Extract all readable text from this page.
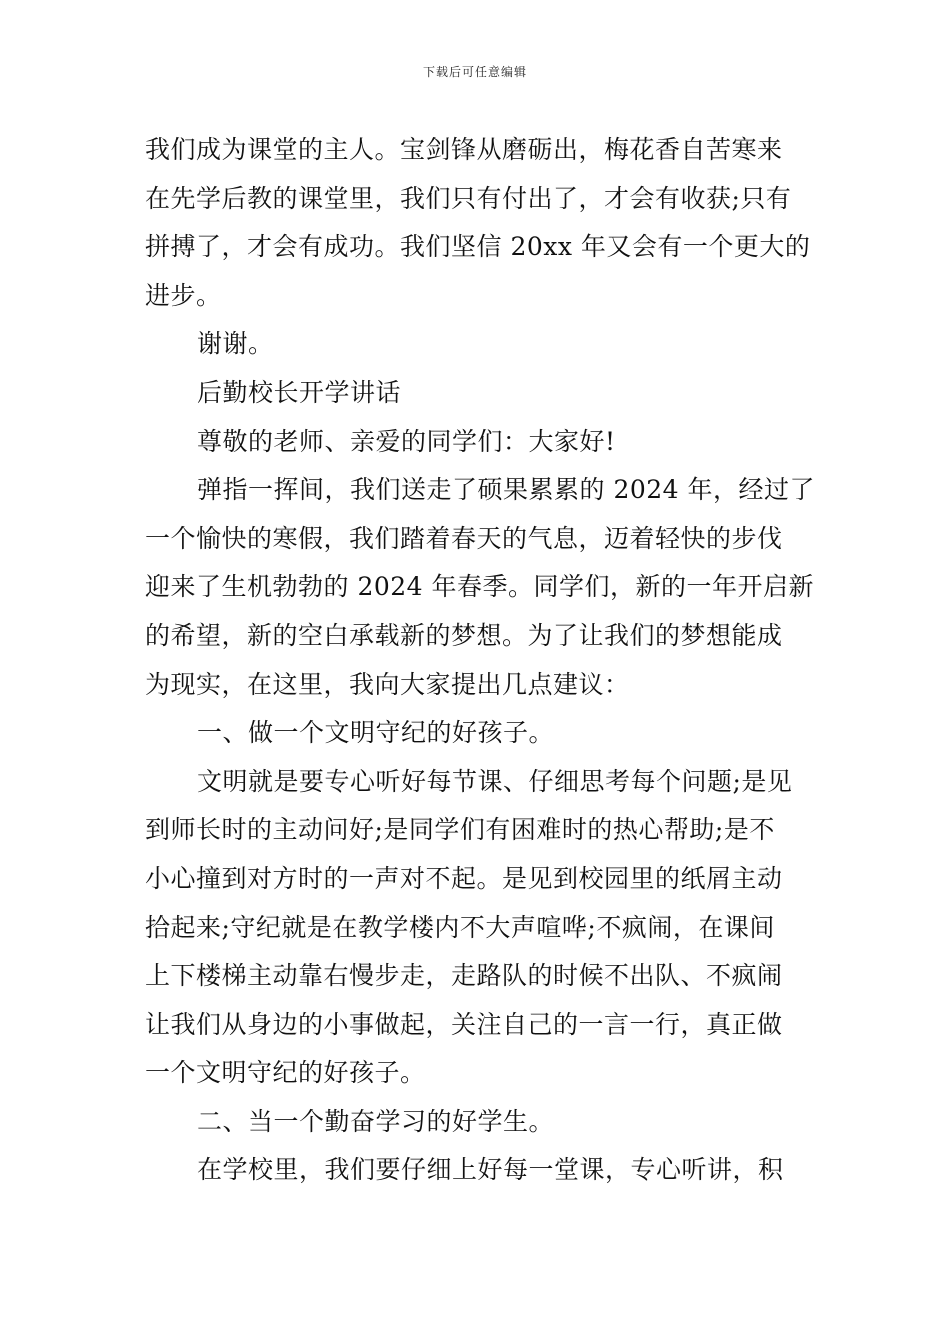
下载后可任意编辑
我们成为课堂的主人。宝剑锋从磨砺出，梅花香自苦寒来
在先学后教的课堂里，我们只有付出了，才会有收获;只有
拼搏了，才会有成功。我们坚信 20xx 年又会有一个更大的
进步。
谢谢。
后勤校长开学讲话
尊敬的老师、亲爱的同学们：大家好!
弹指一挥间，我们送走了硕果累累的 2024 年，经过了
一个愉快的寒假，我们踏着春天的气息，迈着轻快的步伐
迎来了生机勃勃的 2024 年春季。同学们，新的一年开启新
的希望，新的空白承载新的梦想。为了让我们的梦想能成
为现实，在这里，我向大家提出几点建议：
一、做一个文明守纪的好孩子。
文明就是要专心听好每节课、仔细思考每个问题;是见
到师长时的主动问好;是同学们有困难时的热心帮助;是不
小心撞到对方时的一声对不起。是见到校园里的纸屑主动
拾起来;守纪就是在教学楼内不大声喧哗;不疯闹，在课间
上下楼梯主动靠右慢步走，走路队的时候不出队、不疯闹
让我们从身边的小事做起，关注自己的一言一行，真正做
一个文明守纪的好孩子。
二、当一个勤奋学习的好学生。
在学校里，我们要仔细上好每一堂课，专心听讲，积
